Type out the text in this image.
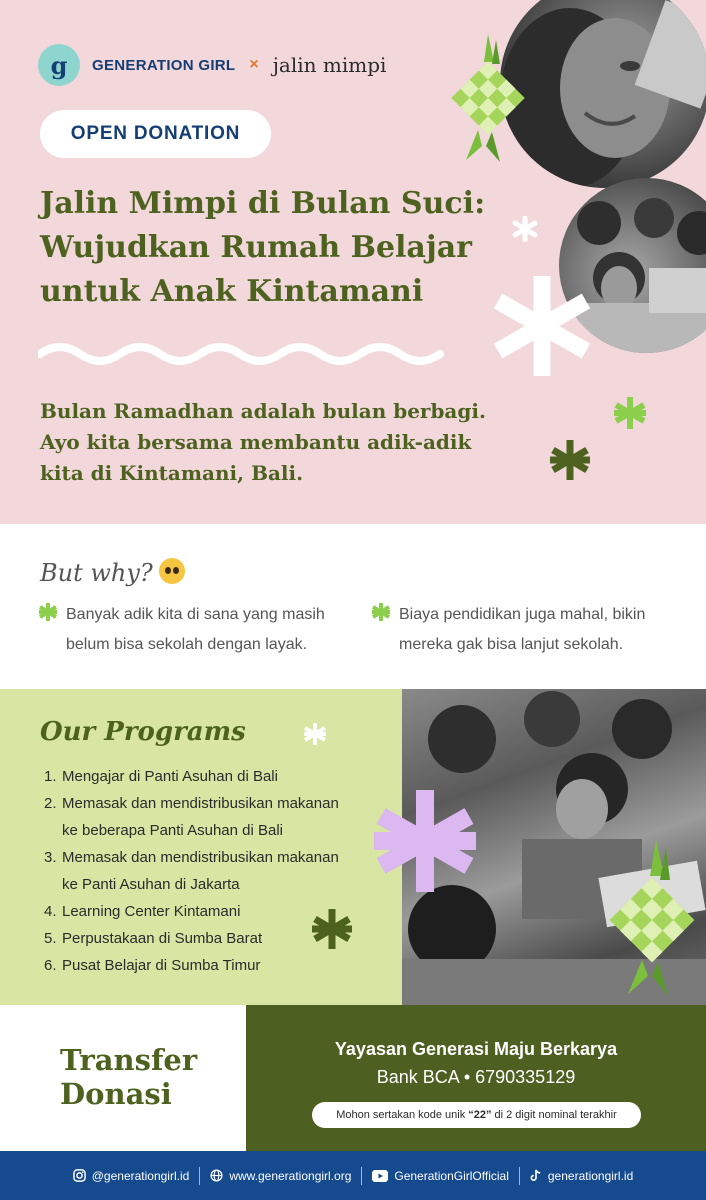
g	GENERATION GIRL × jalin mimpi
OPEN DONATION
Jalin Mimpi di Bulan Suci:
Wujudkan Rumah Belajar
untuk Anak Kintamani
Bulan Ramadhan adalah bulan berbagi.
Ayo kita bersama membantu adik-adik
kita di Kintamani, Bali.
But why?
Banyak adik kita di sana yang masih
belum bisa sekolah dengan layak.
Biaya pendidikan juga mahal, bikin
mereka gak bisa lanjut sekolah.
Our Programs
1. Mengajar di Panti Asuhan di Bali
2. Memasak dan mendistribusikan makanan
ke beberapa Panti Asuhan di Bali
3. Memasak dan mendistribusikan makanan
ke Panti Asuhan di Jakarta
4. Learning Center Kintamani
5. Perpustakaan di Sumba Barat
6. Pusat Belajar di Sumba Timur
Transfer
Donasi
Yayasan Generasi Maju Berkarya
Bank BCA • 6790335129
Mohon sertakan kode unik “22” di 2 digit nominal terakhir
@generationgirl.id	www.generationgirl.org	GenerationGirlOfficial	generationgirl.id
